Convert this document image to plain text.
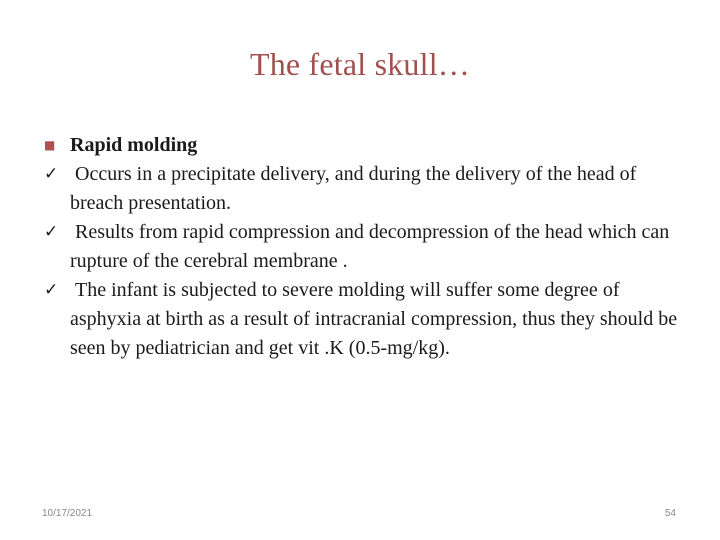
The fetal skull…
■ Rapid molding
✓ Occurs in a precipitate delivery, and during the delivery of the head of breach presentation.
✓ Results from rapid compression and decompression of the head which can rupture of the cerebral membrane .
✓ The infant is subjected to severe molding will suffer some degree of asphyxia at birth as a result of intracranial compression, thus they should be seen by pediatrician and get vit .K (0.5-mg/kg).
10/17/2021	54
